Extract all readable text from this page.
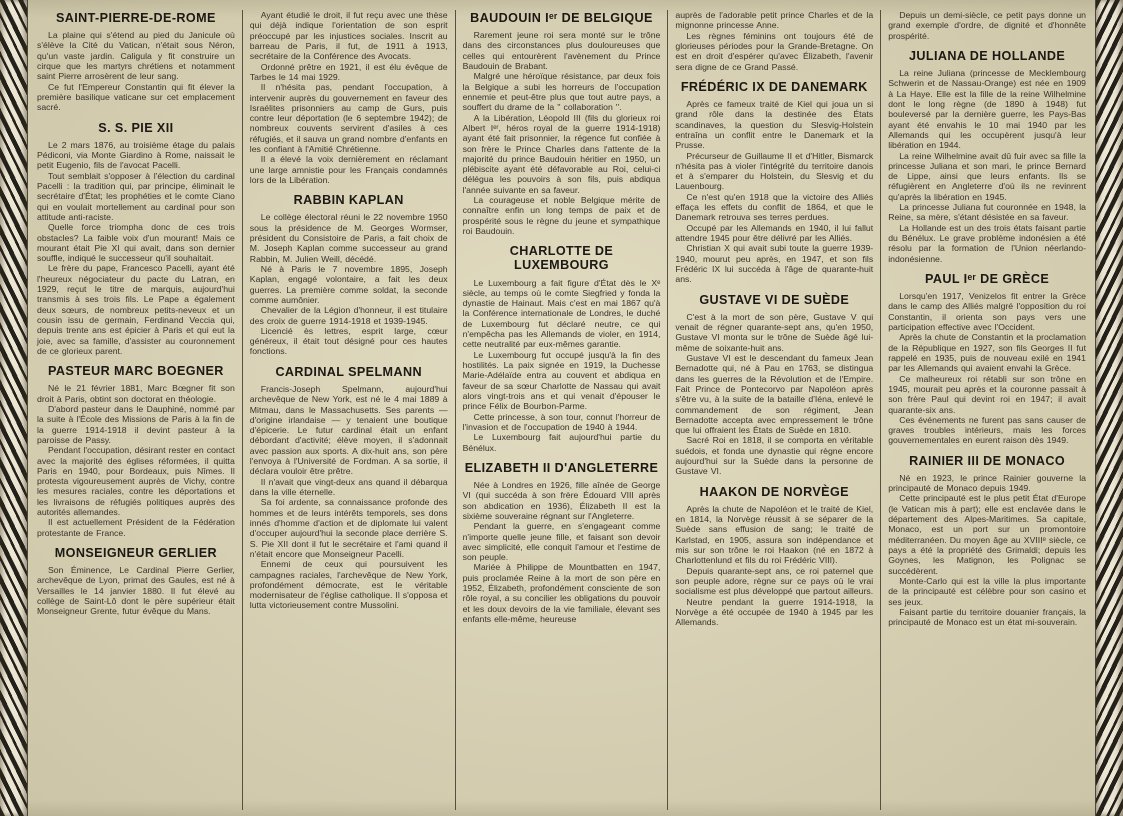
SAINT-PIERRE-DE-ROME
La plaine qui s'étend au pied du Janicule où s'élève la Cité du Vatican, n'était sous Néron, qu'un vaste jardin. Caligula y fit construire un cirque que les martyrs chrétiens et notamment saint Pierre arrosèrent de leur sang.
Ce fut l'Empereur Constantin qui fit élever la première basilique vaticane sur cet emplacement sacré.
S. S. PIE XII
Le 2 mars 1876, au troisième étage du palais Pédiconi, via Monte Giardino à Rome, naissait le petit Eugenio, fils de l'avocat Pacelli.
Tout semblait s'opposer à l'élection du cardinal Pacelli : la tradition qui, par principe, éliminait le secrétaire d'État; les prophéties et le comte Ciano qui en voulait mortellement au cardinal pour son attitude anti-raciste.
Quelle force triompha donc de ces trois obstacles? La faible voix d'un mourant! Mais ce mourant était Pie XI qui avait, dans son dernier souffle, indiqué le successeur qu'il souhaitait.
Le frère du pape, Francesco Pacelli, ayant été l'heureux négociateur du pacte du Latran, en 1929, reçut le titre de marquis, aujourd'hui transmis à ses trois fils. Le Pape a également deux sœurs, de nombreux petits-neveux et un cousin issu de germain, Ferdinand Veccia qui, depuis trente ans est épicier à Paris et qui eut la joie, avec sa famille, d'assister au couronnement de ce glorieux parent.
PASTEUR MARC BOEGNER
Né le 21 février 1881, Marc Bœgner fit son droit à Paris, obtint son doctorat en théologie.
D'abord pasteur dans le Dauphiné, nommé par la suite à l'École des Missions de Paris à la fin de la guerre 1914-1918 il devint pasteur à la paroisse de Passy.
Pendant l'occupation, désirant rester en contact avec la majorité des églises réformées, il quitta Paris en 1940, pour Bordeaux, puis Nîmes. Il protesta vigoureusement auprès de Vichy, contre les mesures raciales, contre les déportations et les livraisons de réfugiés politiques auprès des autorités allemandes.
Il est actuellement Président de la Fédération protestante de France.
MONSEIGNEUR GERLIER
Son Éminence, Le Cardinal Pierre Gerlier, archevêque de Lyon, primat des Gaules, est né à Versailles le 14 janvier 1880. Il fut élevé au collège de Saint-Lô dont le père supérieur était Monseigneur Grente, futur évêque du Mans.
Ayant étudié le droit, il fut reçu avec une thèse qui déjà indique l'orientation de son esprit préoccupé par les injustices sociales. Inscrit au barreau de Paris, il fut, de 1911 à 1913, secrétaire de la Conférence des Avocats.
Ordonné prêtre en 1921, il est élu évêque de Tarbes le 14 mai 1929.
Il n'hésita pas, pendant l'occupation, à intervenir auprès du gouvernement en faveur des Israélites prisonniers au camp de Gurs, puis contre leur déportation (le 6 septembre 1942); de nombreux couvents servirent d'asiles à ces réfugiés, et il sauva un grand nombre d'enfants en les confiant à l'Amitié Chrétienne.
Il a élevé la voix dernièrement en réclamant une large amnistie pour les Français condamnés lors de la Libération.
RABBIN KAPLAN
Le collège électoral réuni le 22 novembre 1950 sous la présidence de M. Georges Wormser, président du Consistoire de Paris, a fait choix de M. Joseph Kaplan comme successeur au grand Rabbin, M. Julien Weill, décédé.
Né à Paris le 7 novembre 1895, Joseph Kaplan, engagé volontaire, a fait les deux guerres. La première comme soldat, la seconde comme aumônier.
Chevalier de la Légion d'honneur, il est titulaire des croix de guerre 1914-1918 et 1939-1945.
Licencié ès lettres, esprit large, cœur généreux, il était tout désigné pour ces hautes fonctions.
CARDINAL SPELMANN
Francis-Joseph Spelmann, aujourd'hui archevêque de New York, est né le 4 mai 1889 à Mitmau, dans le Massachusetts. Ses parents — d'origine irlandaise — y tenaient une boutique d'épicerie. Le futur cardinal était un enfant débordant d'activité; élève moyen, il s'adonnait avec passion aux sports. A dix-huit ans, son père l'envoya à l'Université de Fordman. A sa sortie, il déclara vouloir être prêtre.
Il n'avait que vingt-deux ans quand il débarqua dans la ville éternelle.
Sa foi ardente, sa connaissance profonde des hommes et de leurs intérêts temporels, ses dons innés d'homme d'action et de diplomate lui valent d'occuper aujourd'hui la seconde place derrière S. S. Pie XII dont il fut le secrétaire et l'ami quand il n'était encore que Monseigneur Pacelli.
Ennemi de ceux qui poursuivent les campagnes raciales, l'archevêque de New York, profondément démocrate, est le véritable modernisateur de l'église catholique. Il s'opposa et lutta victorieusement contre Mussolini.
BAUDOUIN Iᵉʳ DE BELGIQUE
Rarement jeune roi sera monté sur le trône dans des circonstances plus douloureuses que celles qui entourèrent l'avènement du Prince Baudouin de Brabant.
Malgré une héroïque résistance, par deux fois la Belgique a subi les horreurs de l'occupation ennemie et peut-être plus que tout autre pays, a souffert du drame de la '' collaboration ''.
A la Libération, Léopold III (fils du glorieux roi Albert Iᵉʳ, héros royal de la guerre 1914-1918) ayant été fait prisonnier, la régence fut confiée à son frère le Prince Charles dans l'attente de la majorité du prince Baudouin héritier en 1950, un plébiscite ayant été défavorable au Roi, celui-ci délégua les pouvoirs à son fils, puis abdiqua l'année suivante en sa faveur.
La courageuse et noble Belgique mérite de connaître enfin un long temps de paix et de prospérité sous le règne du jeune et sympathique roi Baudouin.
CHARLOTTE DE LUXEMBOURG
Le Luxembourg a fait figure d'État dès le Xᵉ siècle, au temps où le comte Siegfried y fonda la dynastie de Hainaut. Mais c'est en mai 1867 qu'à la Conférence internationale de Londres, le duché de Luxembourg fut déclaré neutre, ce qui n'empêcha pas les Allemands de violer, en 1914, cette neutralité par eux-mêmes garantie.
Le Luxembourg fut occupé jusqu'à la fin des hostilités. La paix signée en 1919, la Duchesse Marie-Adélaïde entra au couvent et abdiqua en faveur de sa sœur Charlotte de Nassau qui avait alors vingt-trois ans et qui venait d'épouser le prince Félix de Bourbon-Parme.
Cette princesse, à son tour, connut l'horreur de l'invasion et de l'occupation de 1940 à 1944.
Le Luxembourg fait aujourd'hui partie du Bénélux.
ELIZABETH II D'ANGLETERRE
Née à Londres en 1926, fille aînée de George VI (qui succéda à son frère Édouard VIII après son abdication en 1936), Élizabeth II est la sixième souveraine régnant sur l'Angleterre.
Pendant la guerre, en s'engageant comme n'importe quelle jeune fille, et faisant son devoir avec simplicité, elle conquit l'amour et l'estime de son peuple.
Mariée à Philippe de Mountbatten en 1947, puis proclamée Reine à la mort de son père en 1952, Élizabeth, profondément consciente de son rôle royal, a su concilier les obligations du pouvoir et les doux devoirs de la vie familiale, élevant ses enfants elle-même, heureuse
auprès de l'adorable petit prince Charles et de la mignonne princesse Anne.
Les règnes féminins ont toujours été de glorieuses périodes pour la Grande-Bretagne. On est en droit d'espérer qu'avec Élizabeth, l'avenir sera digne de ce Grand Passé.
FRÉDÉRIC IX DE DANEMARK
Après ce fameux traité de Kiel qui joua un si grand rôle dans la destinée des États scandinaves, la question du Slesvig-Holstein entraîna un conflit entre le Danemark et la Prusse.
Précurseur de Guillaume II et d'Hitler, Bismarck n'hésita pas à violer l'intégrité du territoire danois et à s'emparer du Holstein, du Slesvig et du Lauenbourg.
Ce n'est qu'en 1918 que la victoire des Alliés effaça les effets du conflit de 1864, et que le Danemark retrouva ses terres perdues.
Occupé par les Allemands en 1940, il lui fallut attendre 1945 pour être délivré par les Alliés.
Christian X qui avait subi toute la guerre 1939-1940, mourut peu après, en 1947, et son fils Frédéric IX lui succéda à l'âge de quarante-huit ans.
GUSTAVE VI DE SUÈDE
C'est à la mort de son père, Gustave V qui venait de régner quarante-sept ans, qu'en 1950, Gustave VI monta sur le trône de Suède âgé lui-même de soixante-huit ans.
Gustave VI est le descendant du fameux Jean Bernadotte qui, né à Pau en 1763, se distingua dans les guerres de la Révolution et de l'Empire. Fait Prince de Pontecorvo par Napoléon après s'être vu, à la suite de la bataille d'Iéna, enlevé le commandement de son régiment, Jean Bernadotte accepta avec empressement le trône que lui offraient les États de Suède en 1810.
Sacré Roi en 1818, il se comporta en véritable suédois, et fonda une dynastie qui règne encore aujourd'hui sur la Suède dans la personne de Gustave VI.
HAAKON DE NORVÈGE
Après la chute de Napoléon et le traité de Kiel, en 1814, la Norvège réussit à se séparer de la Suède sans effusion de sang; le traité de Karlstad, en 1905, assura son indépendance et mis sur son trône le roi Haakon (né en 1872 à Charlottenlund et fils du roi Frédéric VIII).
Depuis quarante-sept ans, ce roi paternel que son peuple adore, règne sur ce pays où le vrai socialisme est plus développé que partout ailleurs.
Neutre pendant la guerre 1914-1918, la Norvège a été occupée de 1940 à 1945 par les Allemands.
Depuis un demi-siècle, ce petit pays donne un grand exemple d'ordre, de dignité et d'honnête prospérité.
JULIANA DE HOLLANDE
La reine Juliana (princesse de Mecklembourg Schwerin et de Nassau-Orange) est née en 1909 à La Haye. Elle est la fille de la reine Wilhelmine dont le long règne (de 1890 à 1948) fut bouleversé par la dernière guerre, les Pays-Bas ayant été envahis le 10 mai 1940 par les Allemands qui les occupèrent jusqu'à leur libération en 1944.
La reine Wilhelmine avait dû fuir avec sa fille la princesse Juliana et son mari, le prince Bernard de Lippe, ainsi que leurs enfants. Ils se réfugièrent en Angleterre d'où ils ne revinrent qu'après la libération en 1945.
La princesse Juliana fut couronnée en 1948, la Reine, sa mère, s'étant désistée en sa faveur.
La Hollande est un des trois états faisant partie du Bénélux. Le grave problème indonésien a été résolu par la formation de l'Union néerlando-indonésienne.
PAUL Iᵉʳ DE GRÈCE
Lorsqu'en 1917, Venizelos fit entrer la Grèce dans le camp des Alliés malgré l'opposition du roi Constantin, il orienta son pays vers une participation effective avec l'Occident.
Après la chute de Constantin et la proclamation de la République en 1927, son fils Georges II fut rappelé en 1935, puis de nouveau exilé en 1941 par les Allemands qui avaient envahi la Grèce.
Ce malheureux roi rétabli sur son trône en 1945, mourait peu après et la couronne passait à son frère Paul qui devint roi en 1947; il avait quarante-six ans.
Ces événements ne furent pas sans causer de graves troubles intérieurs, mais les forces gouvernementales en eurent raison dès 1949.
RAINIER III DE MONACO
Né en 1923, le prince Rainier gouverne la principauté de Monaco depuis 1949.
Cette principauté est le plus petit État d'Europe (le Vatican mis à part); elle est enclavée dans le département des Alpes-Maritimes. Sa capitale, Monaco, est un port sur un promontoire méditerranéen. Du moyen âge au XVIIIᵉ siècle, ce pays a été la propriété des Grimaldi; depuis les Goynes, les Matignon, les Polignac se succédèrent.
Monte-Carlo qui est la ville la plus importante de la principauté est célèbre pour son casino et ses jeux.
Faisant partie du territoire douanier français, la principauté de Monaco est un état mi-souverain.
